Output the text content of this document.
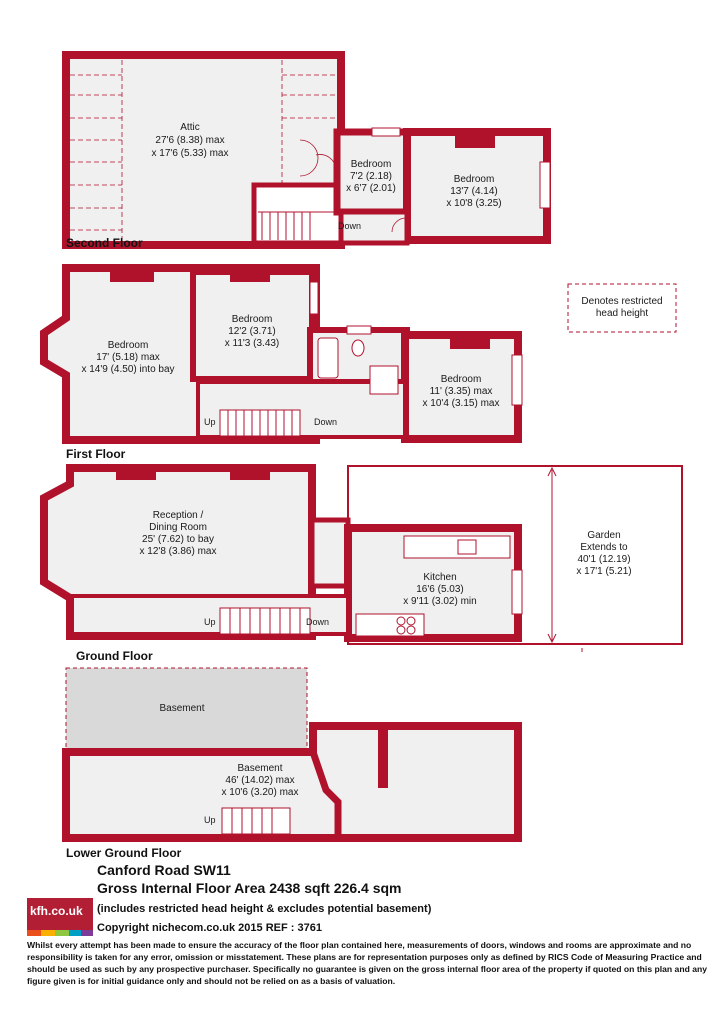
Attic
27'6 (8.38) max
x 17'6 (5.33) max
Bedroom
7'2 (2.18)
x 6'7 (2.01)
Bedroom
13'7 (4.14)
x 10'8 (3.25)
Down
Second Floor
Bedroom
17' (5.18) max
x 14'9 (4.50) into bay
Bedroom
12'2 (3.71)
x 11'3 (3.43)
Bedroom
11' (3.35) max
x 10'4 (3.15) max
Up	Down
First Floor
Denotes restricted
head height
Reception /
Dining Room
25' (7.62) to bay
x 12'8 (3.86) max
Kitchen
16'6 (5.03)
x 9'11 (3.02) min
Garden
Extends to
40'1 (12.19)
x 17'1 (5.21)
Up	Down
Ground Floor
Basement
Basement
46' (14.02) max
x 10'6 (3.20) max
Up
Lower Ground Floor
kfh.co.uk
Canford Road SW11
Gross Internal Floor Area 2438 sqft 226.4 sqm
(includes restricted head height & excludes potential basement)
Copyright nichecom.co.uk 2015 REF : 3761
Whilst every attempt has been made to ensure the accuracy of the floor plan contained here, measurements of doors, windows and rooms are approximate and no responsibility is taken for any error, omission or misstatement. These plans are for representation purposes only as defined by RICS Code of Measuring Practice and should be used as such by any prospective purchaser. Specifically no guarantee is given on the gross internal floor area of the property if quoted on this plan and any figure given is for initial guidance only and should not be relied on as a basis of valuation.
